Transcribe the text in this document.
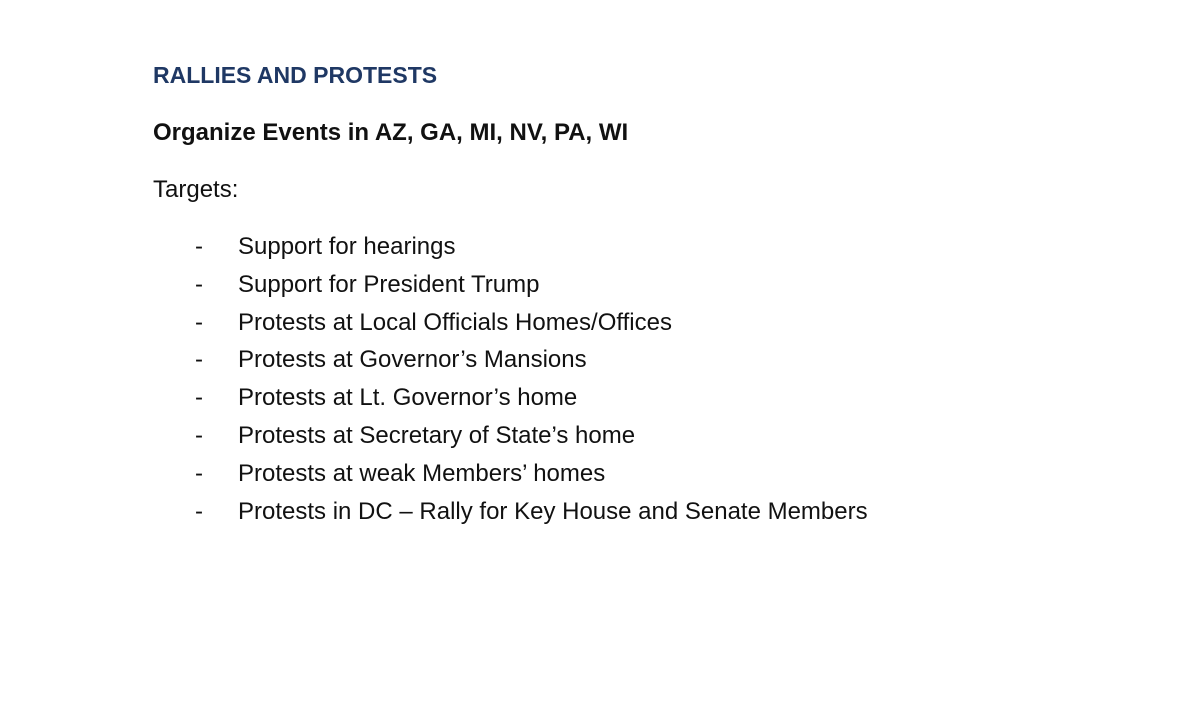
RALLIES AND PROTESTS
Organize Events in AZ, GA, MI, NV, PA, WI
Targets:
-	Support for hearings
-	Support for President Trump
-	Protests at Local Officials Homes/Offices
-	Protests at Governor’s Mansions
-	Protests at Lt. Governor’s home
-	Protests at Secretary of State’s home
-	Protests at weak Members’ homes
-	Protests in DC – Rally for Key House and Senate Members
